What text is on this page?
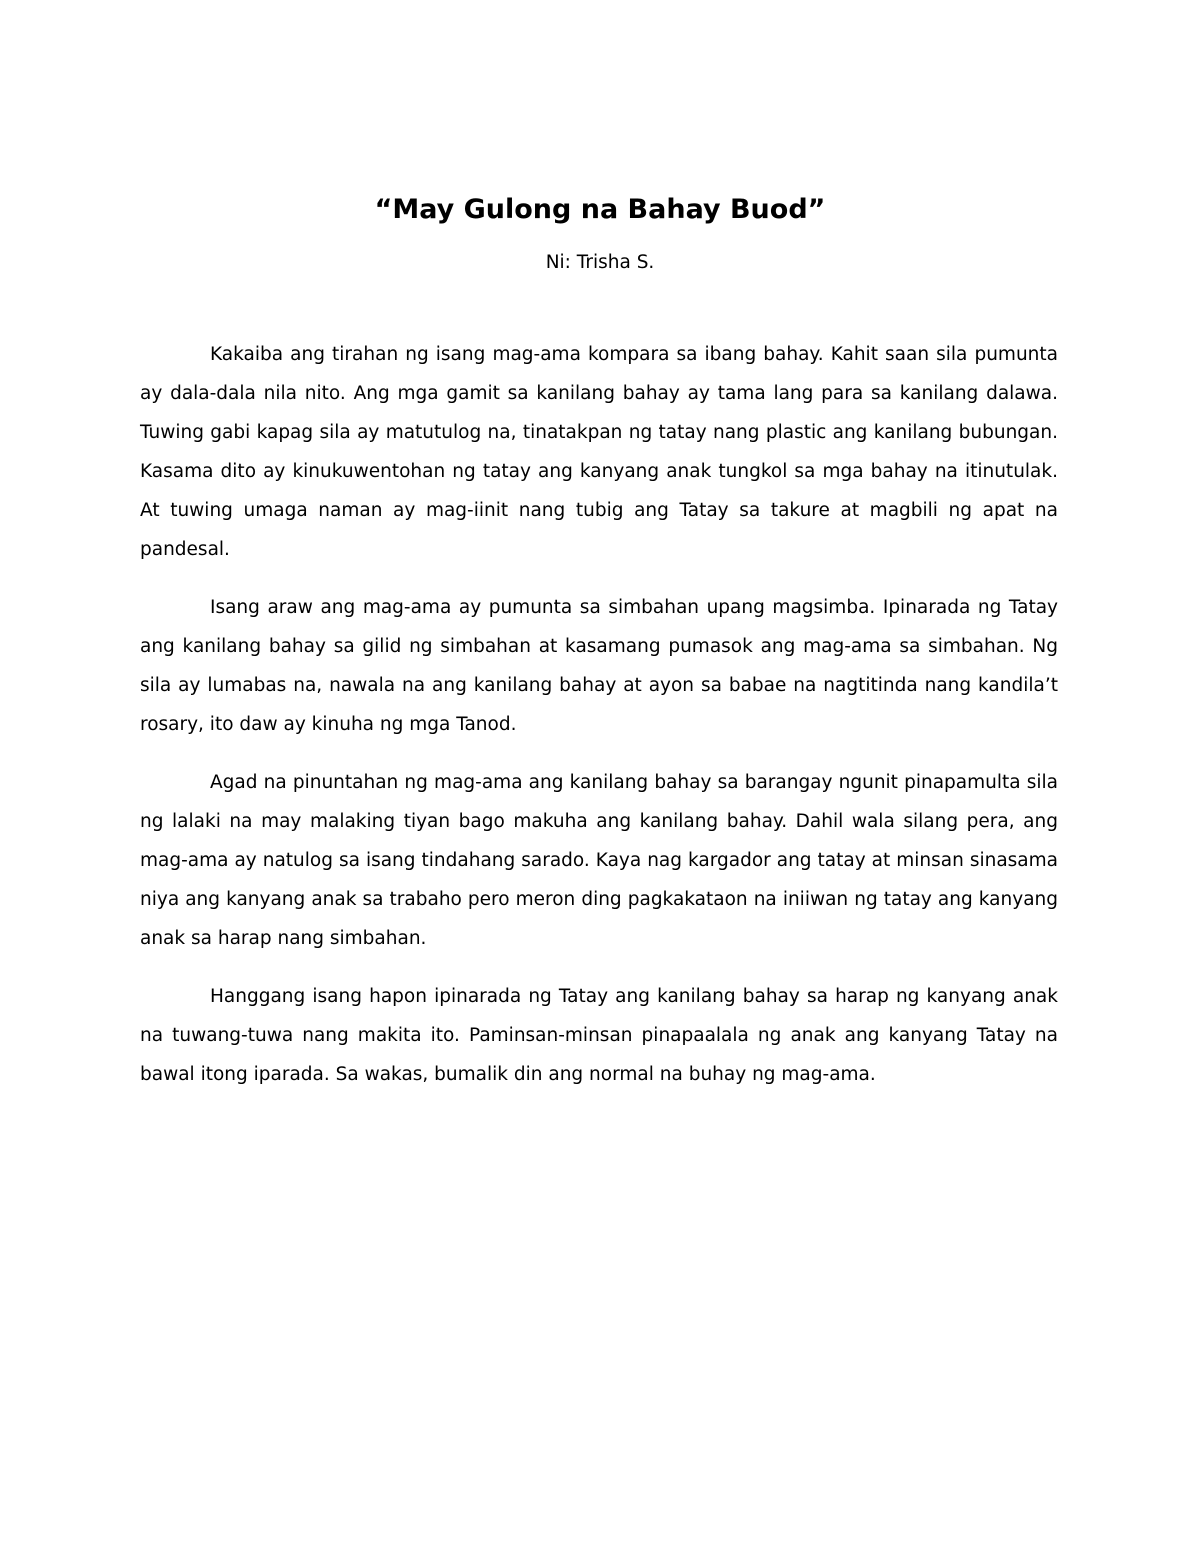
“May Gulong na Bahay Buod”

Ni: Trisha S.

Kakaiba ang tirahan ng isang mag-ama kompara sa ibang bahay. Kahit saan sila pumunta ay dala-dala nila nito. Ang mga gamit sa kanilang bahay ay tama lang para sa kanilang dalawa. Tuwing gabi kapag sila ay matutulog na, tinatakpan ng tatay nang plastic ang kanilang bubungan. Kasama dito ay kinukuwentohan ng tatay ang kanyang anak tungkol sa mga bahay na itinutulak. At tuwing umaga naman ay mag-iinit nang tubig ang Tatay sa takure at magbili ng apat na pandesal.

Isang araw ang mag-ama ay pumunta sa simbahan upang magsimba. Ipinarada ng Tatay ang kanilang bahay sa gilid ng simbahan at kasamang pumasok ang mag-ama sa simbahan. Ng sila ay lumabas na, nawala na ang kanilang bahay at ayon sa babae na nagtitinda nang kandila’t rosary, ito daw ay kinuha ng mga Tanod.

Agad na pinuntahan ng mag-ama ang kanilang bahay sa barangay ngunit pinapamulta sila ng lalaki na may malaking tiyan bago makuha ang kanilang bahay. Dahil wala silang pera, ang mag-ama ay natulog sa isang tindahang sarado. Kaya nag kargador ang tatay at minsan sinasama niya ang kanyang anak sa trabaho pero meron ding pagkakataon na iniiwan ng tatay ang kanyang anak sa harap nang simbahan.

Hanggang isang hapon ipinarada ng Tatay ang kanilang bahay sa harap ng kanyang anak na tuwang-tuwa nang makita ito. Paminsan-minsan pinapaalala ng anak ang kanyang Tatay na bawal itong iparada. Sa wakas, bumalik din ang normal na buhay ng mag-ama.
